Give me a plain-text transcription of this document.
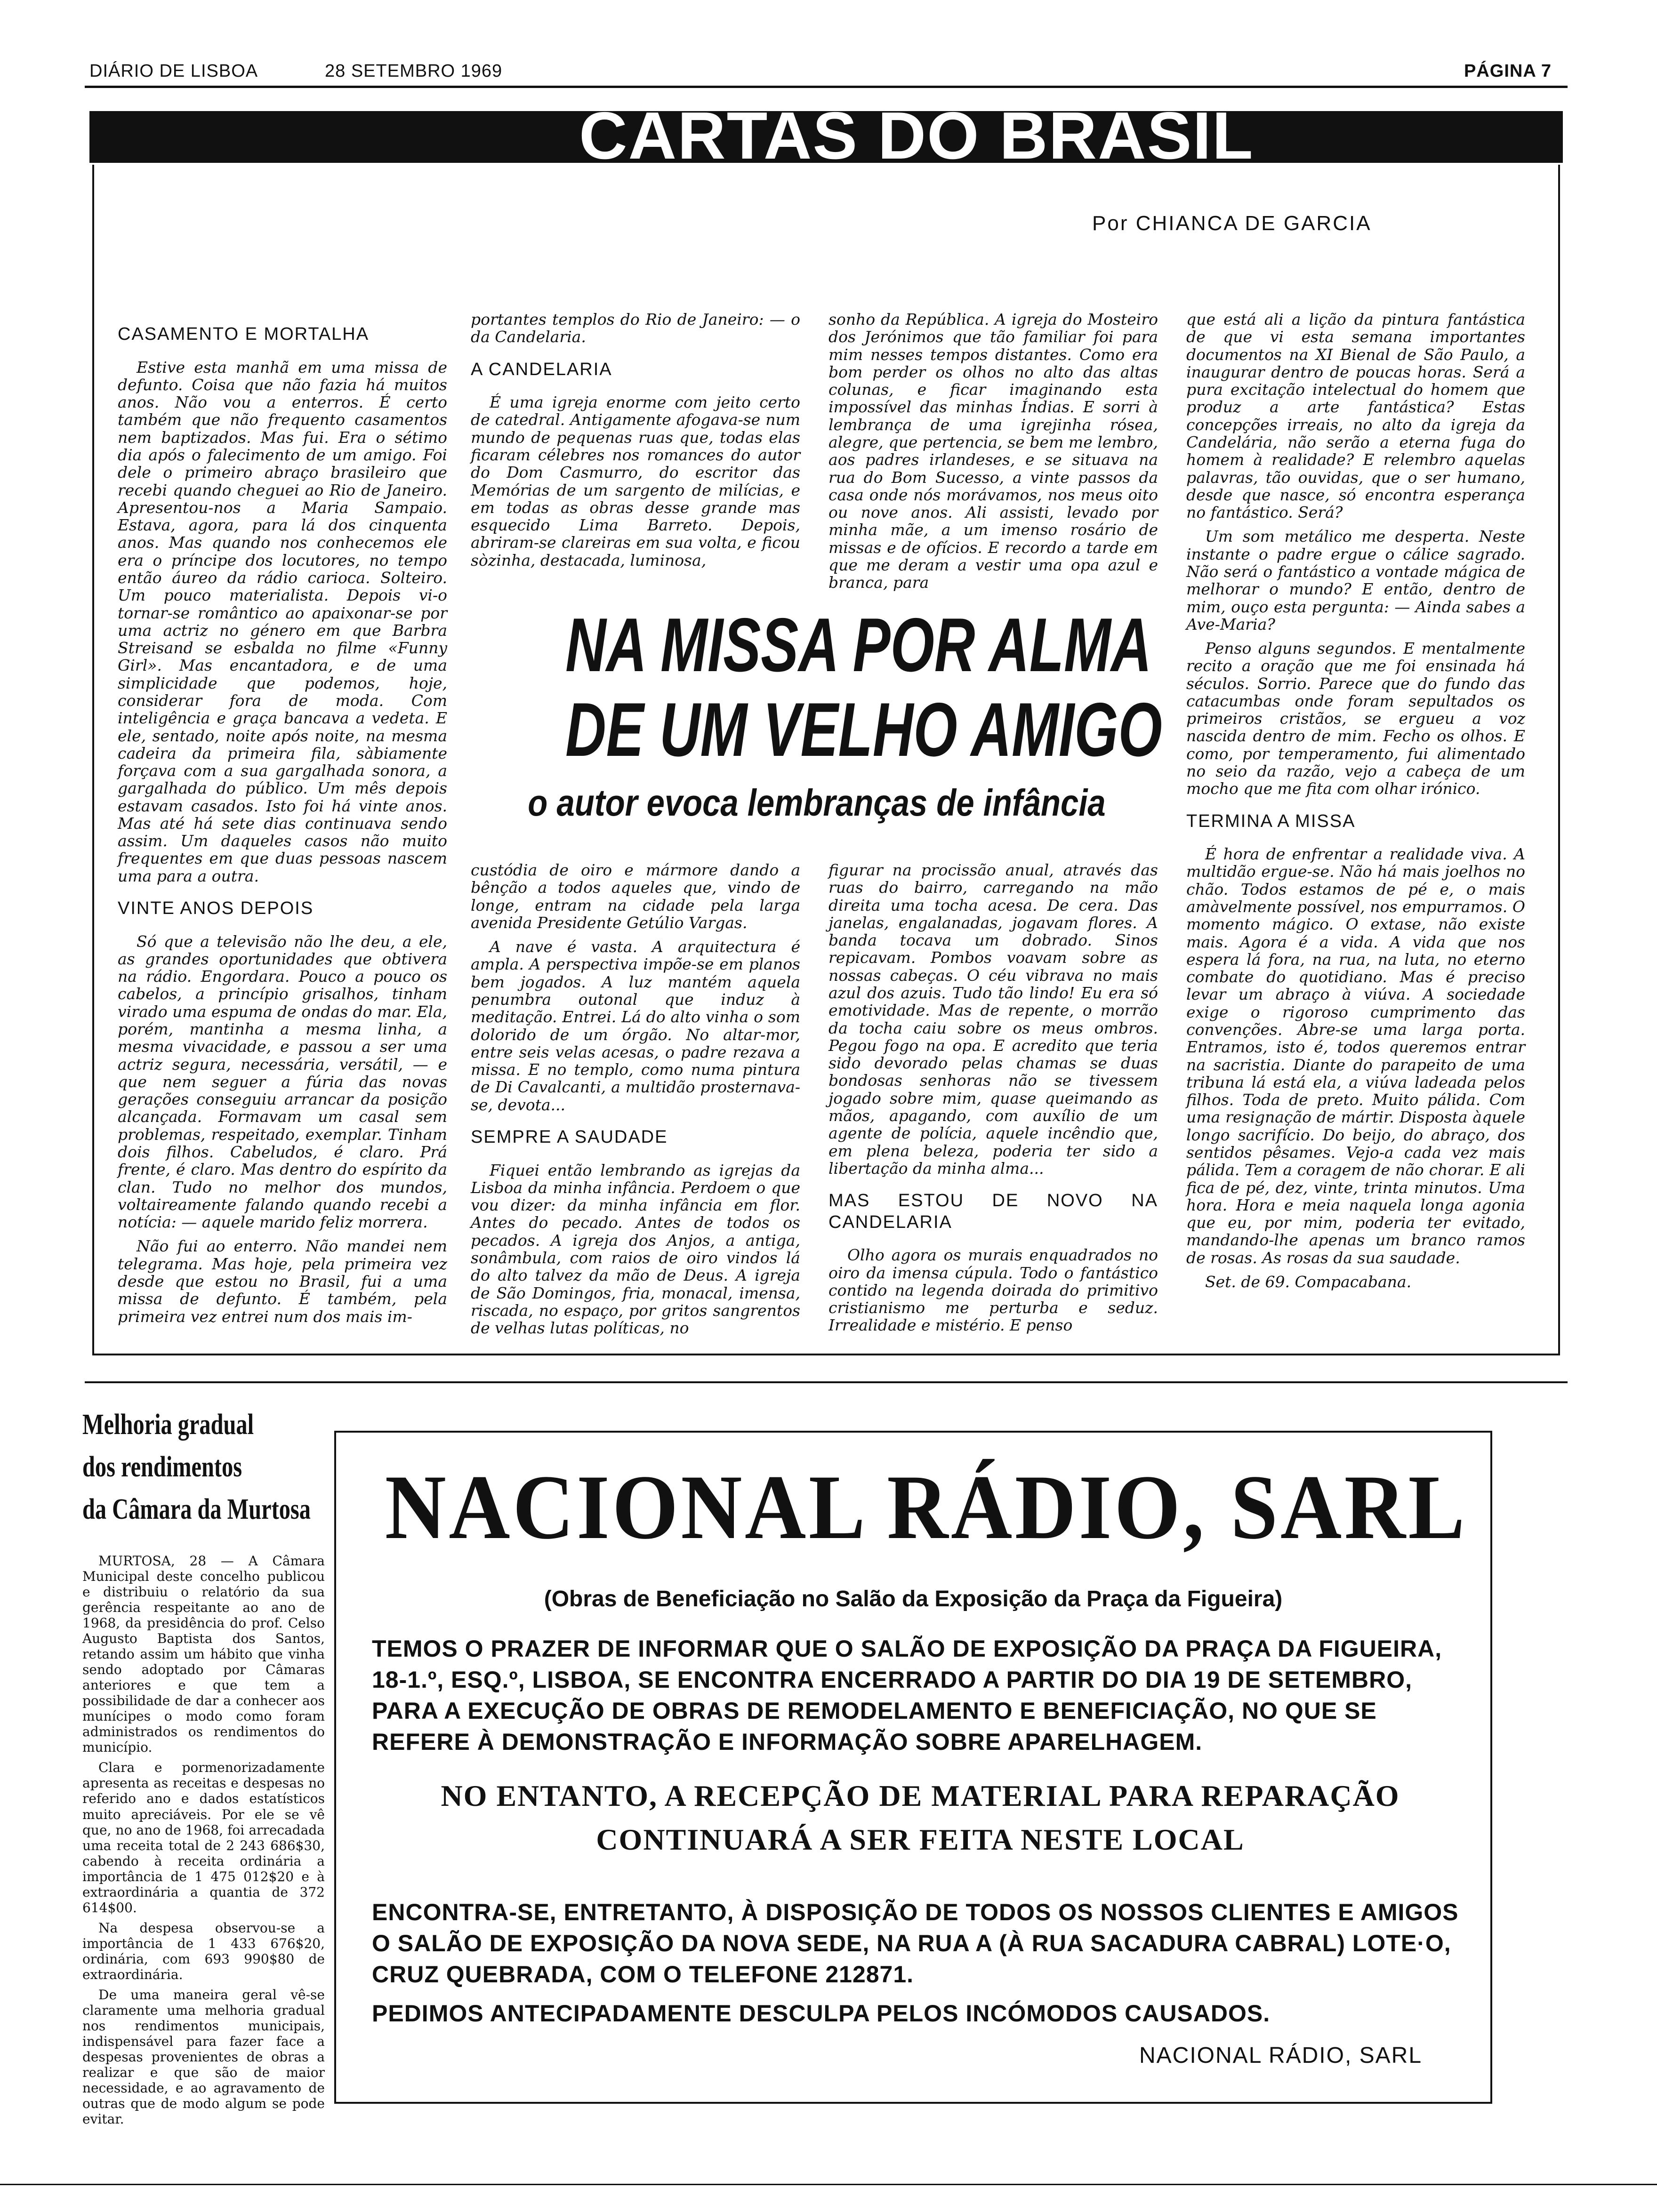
DIÁRIO DE LISBOA	28 SETEMBRO 1969	PÁGINA 7
CARTAS DO BRASIL
Por CHIANCA DE GARCIA
CASAMENTO E MORTALHA

Estive esta manhã em uma missa de defunto. Coisa que não fazia há muitos anos. Não vou a enterros. É certo também que não frequento casamentos nem baptizados. Mas fui. Era o sétimo dia após o falecimento de um amigo. Foi dele o primeiro abraço brasileiro que recebi quando cheguei ao Rio de Janeiro. Apresentou-nos a Maria Sampaio. Estava, agora, para lá dos cinquenta anos. Mas quando nos conhecemos ele era o príncipe dos locutores, no tempo então áureo da rádio carioca. Solteiro. Um pouco materialista. Depois vi-o tornar-se romântico ao apaixonar-se por uma actriz no género em que Barbra Streisand se esbalda no filme «Funny Girl». Mas encantadora, e de uma simplicidade que podemos, hoje, considerar fora de moda. Com inteligência e graça bancava a vedeta. E ele, sentado, noite após noite, na mesma cadeira da primeira fila, sàbiamente forçava com a sua gargalhada sonora, a gargalhada do público. Um mês depois estavam casados. Isto foi há vinte anos. Mas até há sete dias continuava sendo assim. Um daqueles casos não muito frequentes em que duas pessoas nascem uma para a outra.

VINTE ANOS DEPOIS

Só que a televisão não lhe deu, a ele, as grandes oportunidades que obtivera na rádio. Engordara. Pouco a pouco os cabelos, a princípio grisalhos, tinham virado uma espuma de ondas do mar. Ela, porém, mantinha a mesma linha, a mesma vivacidade, e passou a ser uma actriz segura, necessária, versátil, — e que nem seguer a fúria das novas gerações conseguiu arrancar da posição alcançada. Formavam um casal sem problemas, respeitado, exemplar. Tinham dois filhos. Cabeludos, é claro. Prá frente, é claro. Mas dentro do espírito da clan. Tudo no melhor dos mundos, voltaireamente falando quando recebi a notícia: — aquele marido feliz morrera.

Não fui ao enterro. Não mandei nem telegrama. Mas hoje, pela primeira vez desde que estou no Brasil, fui a uma missa de defunto. É também, pela primeira vez entrei num dos mais im-

portantes templos do Rio de Janeiro: — o da Candelaria.

A CANDELARIA

É uma igreja enorme com jeito certo de catedral. Antigamente afogava-se num mundo de pequenas ruas que, todas elas ficaram célebres nos romances do autor do Dom Casmurro, do escritor das Memórias de um sargento de milícias, e em todas as obras desse grande mas esquecido Lima Barreto. Depois, abriram-se clareiras em sua volta, e ficou sòzinha, destacada, luminosa,

sonho da República. A igreja do Mosteiro dos Jerónimos que tão familiar foi para mim nesses tempos distantes. Como era bom perder os olhos no alto das altas colunas, e ficar imaginando esta impossível das minhas Índias. E sorri à lembrança de uma igrejinha rósea, alegre, que pertencia, se bem me lembro, aos padres irlandeses, e se situava na rua do Bom Sucesso, a vinte passos da casa onde nós morávamos, nos meus oito ou nove anos. Ali assisti, levado por minha mãe, a um imenso rosário de missas e de ofícios. E recordo a tarde em que me deram a vestir uma opa azul e branca, para

NA MISSA POR ALMA
DE UM VELHO AMIGO
o autor evoca lembranças de infância

custódia de oiro e mármore dando a bênção a todos aqueles que, vindo de longe, entram na cidade pela larga avenida Presidente Getúlio Vargas.

A nave é vasta. A arquitectura é ampla. A perspectiva impõe-se em planos bem jogados. A luz mantém aquela penumbra outonal que induz à meditação. Entrei. Lá do alto vinha o som dolorido de um órgão. No altar-mor, entre seis velas acesas, o padre rezava a missa. E no templo, como numa pintura de Di Cavalcanti, a multidão prosternava-se, devota...

SEMPRE A SAUDADE

Fiquei então lembrando as igrejas da Lisboa da minha infância. Perdoem o que vou dizer: da minha infância em flor. Antes do pecado. Antes de todos os pecados. A igreja dos Anjos, a antiga, sonâmbula, com raios de oiro vindos lá do alto talvez da mão de Deus. A igreja de São Domingos, fria, monacal, imensa, riscada, no espaço, por gritos sangrentos de velhas lutas políticas, no

figurar na procissão anual, através das ruas do bairro, carregando na mão direita uma tocha acesa. De cera. Das janelas, engalanadas, jogavam flores. A banda tocava um dobrado. Sinos repicavam. Pombos voavam sobre as nossas cabeças. O céu vibrava no mais azul dos azuis. Tudo tão lindo! Eu era só emotividade. Mas de repente, o morrão da tocha caiu sobre os meus ombros. Pegou fogo na opa. E acredito que teria sido devorado pelas chamas se duas bondosas senhoras não se tivessem jogado sobre mim, quase queimando as mãos, apagando, com auxílio de um agente de polícia, aquele incêndio que, em plena beleza, poderia ter sido a libertação da minha alma...

MAS ESTOU DE NOVO NA CANDELARIA

Olho agora os murais enquadrados no oiro da imensa cúpula. Todo o fantástico contido na legenda doirada do primitivo cristianismo me perturba e seduz. Irrealidade e mistério. E penso

que está ali a lição da pintura fantástica de que vi esta semana importantes documentos na XI Bienal de São Paulo, a inaugurar dentro de poucas horas. Será a pura excitação intelectual do homem que produz a arte fantástica? Estas concepções irreais, no alto da igreja da Candelária, não serão a eterna fuga do homem à realidade? E relembro aquelas palavras, tão ouvidas, que o ser humano, desde que nasce, só encontra esperança no fantástico. Será?

Um som metálico me desperta. Neste instante o padre ergue o cálice sagrado. Não será o fantástico a vontade mágica de melhorar o mundo? E então, dentro de mim, ouço esta pergunta: — Ainda sabes a Ave-Maria?

Penso alguns segundos. E mentalmente recito a oração que me foi ensinada há séculos. Sorrio. Parece que do fundo das catacumbas onde foram sepultados os primeiros cristãos, se ergueu a voz nascida dentro de mim. Fecho os olhos. E como, por temperamento, fui alimentado no seio da razão, vejo a cabeça de um mocho que me fita com olhar irónico.

TERMINA A MISSA

É hora de enfrentar a realidade viva. A multidão ergue-se. Não há mais joelhos no chão. Todos estamos de pé e, o mais amàvelmente possível, nos empurramos. O momento mágico. O extase, não existe mais. Agora é a vida. A vida que nos espera lá fora, na rua, na luta, no eterno combate do quotidiano. Mas é preciso levar um abraço à viúva. A sociedade exige o rigoroso cumprimento das convenções. Abre-se uma larga porta. Entramos, isto é, todos queremos entrar na sacristia. Diante do parapeito de uma tribuna lá está ela, a viúva ladeada pelos filhos. Toda de preto. Muito pálida. Com uma resignação de mártir. Disposta àquele longo sacrifício. Do beijo, do abraço, dos sentidos pêsames. Vejo-a cada vez mais pálida. Tem a coragem de não chorar. E ali fica de pé, dez, vinte, trinta minutos. Uma hora. Hora e meia naquela longa agonia que eu, por mim, poderia ter evitado, mandando-lhe apenas um branco ramos de rosas. As rosas da sua saudade.

Set. de 69. Compacabana.

Melhoria gradual
dos rendimentos
da Câmara da Murtosa

MURTOSA, 28 — A Câmara Municipal deste concelho publicou e distribuiu o relatório da sua gerência respeitante ao ano de 1968, da presidência do prof. Celso Augusto Baptista dos Santos, retando assim um hábito que vinha sendo adoptado por Câmaras anteriores e que tem a possibilidade de dar a conhecer aos munícipes o modo como foram administrados os rendimentos do município.

Clara e pormenorizadamente apresenta as receitas e despesas no referido ano e dados estatísticos muito apreciáveis. Por ele se vê que, no ano de 1968, foi arrecadada uma receita total de 2 243 686$30, cabendo à receita ordinária a importância de 1 475 012$20 e à extraordinária a quantia de 372 614$00.

Na despesa observou-se a importância de 1 433 676$20, ordinária, com 693 990$80 de extraordinária.

De uma maneira geral vê-se claramente uma melhoria gradual nos rendimentos municipais, indispensável para fazer face a despesas provenientes de obras a realizar e que são de maior necessidade, e ao agravamento de outras que de modo algum se pode evitar.

NACIONAL RÁDIO, SARL
(Obras de Beneficiação no Salão da Exposição da Praça da Figueira)
TEMOS O PRAZER DE INFORMAR QUE O SALÃO DE EXPOSIÇÃO DA PRAÇA DA FIGUEIRA, 18-1.º, ESQ.º, LISBOA, SE ENCONTRA ENCERRADO A PARTIR DO DIA 19 DE SETEMBRO, PARA A EXECUÇÃO DE OBRAS DE REMODELAMENTO E BENEFICIAÇÃO, NO QUE SE REFERE À DEMONSTRAÇÃO E INFORMAÇÃO SOBRE APARELHAGEM.
NO ENTANTO, A RECEPÇÃO DE MATERIAL PARA REPARAÇÃO CONTINUARÁ A SER FEITA NESTE LOCAL
ENCONTRA-SE, ENTRETANTO, À DISPOSIÇÃO DE TODOS OS NOSSOS CLIENTES E AMIGOS O SALÃO DE EXPOSIÇÃO DA NOVA SEDE, NA RUA A (À RUA SACADURA CABRAL) LOTE·O, CRUZ QUEBRADA, COM O TELEFONE 212871.
PEDIMOS ANTECIPADAMENTE DESCULPA PELOS INCÓMODOS CAUSADOS.
NACIONAL RÁDIO, SARL
